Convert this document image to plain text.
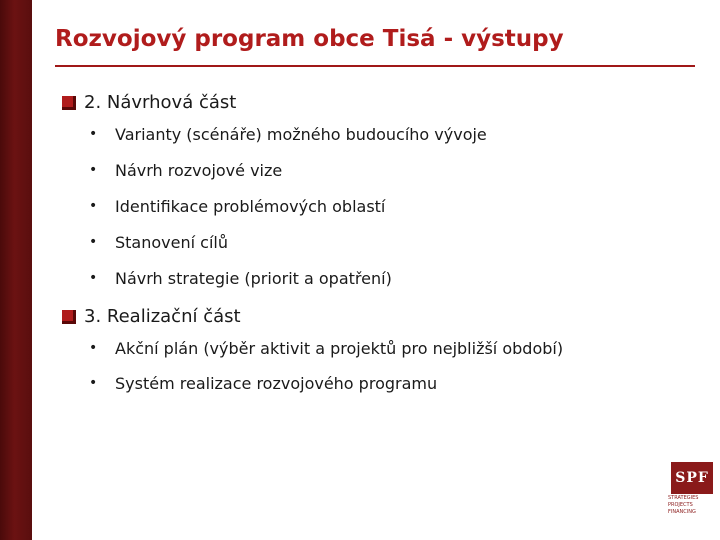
Rozvojový program obce Tisá - výstupy
2. Návrhová část
• Varianty (scénáře) možného budoucího vývoje
• Návrh rozvojové vize
• Identifikace problémových oblastí
• Stanovení cílů
• Návrh strategie (priorit a opatření)
3. Realizační část
• Akční plán (výběr aktivit a projektů pro nejbližší období)
• Systém realizace rozvojového programu
SPF
STRATEGIES
PROJECTS
FINANCING
